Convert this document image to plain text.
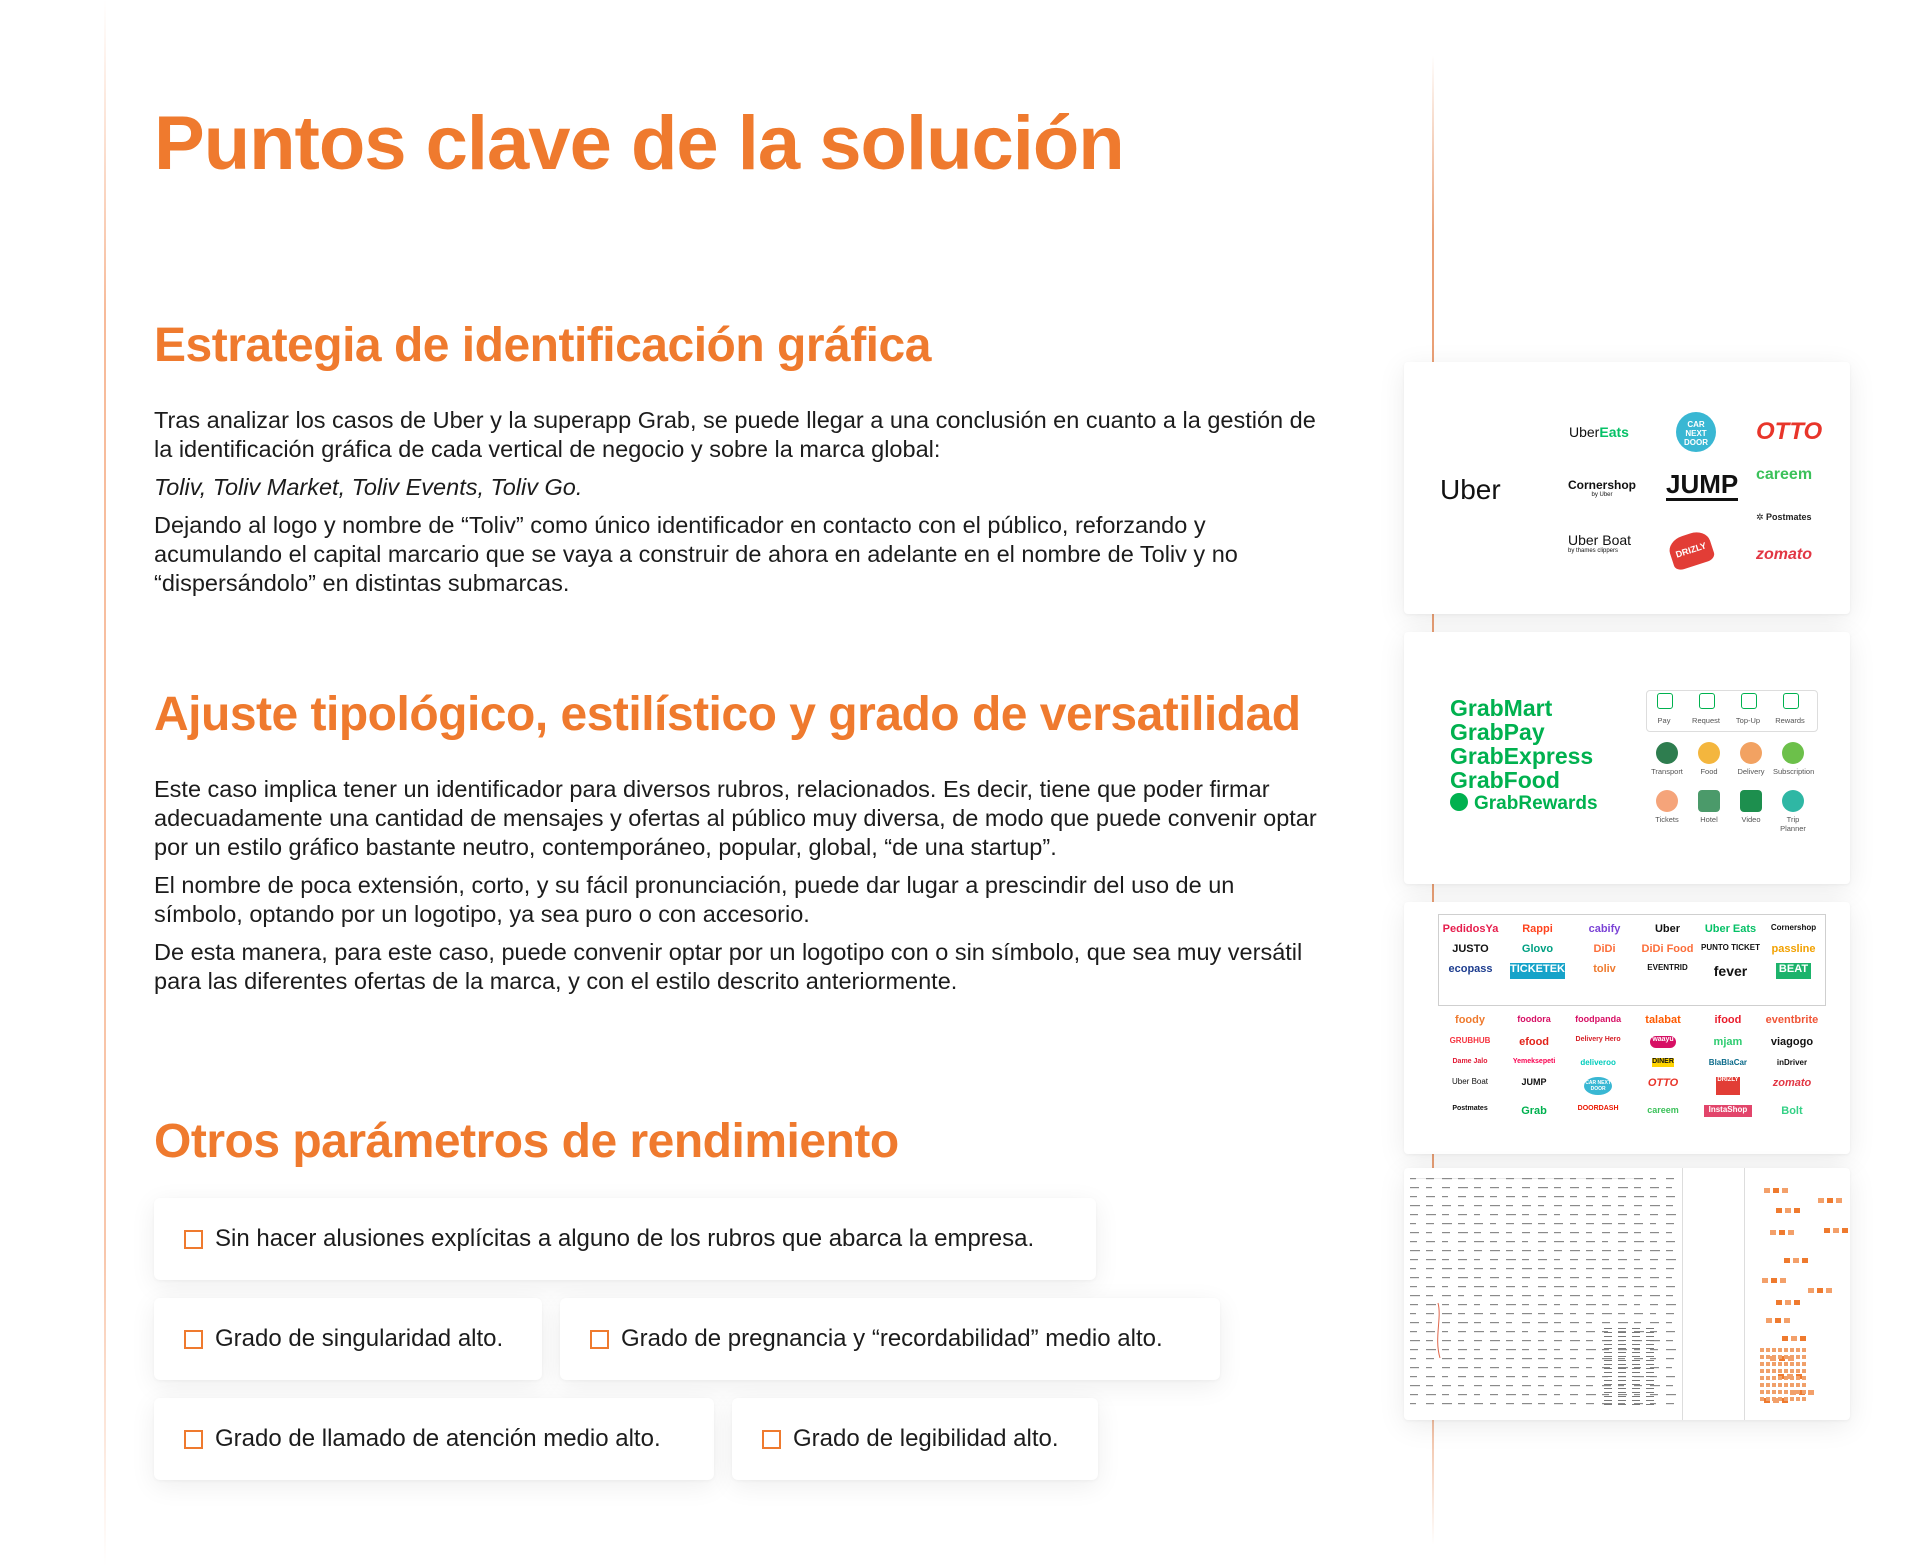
Puntos clave de la solución
Estrategia de identificación gráfica

Tras analizar los casos de Uber y la superapp Grab, se puede llegar a una conclusión en cuanto a la gestión de la identificación gráfica de cada vertical de negocio y sobre la marca global:

Toliv, Toliv Market, Toliv Events, Toliv Go.

Dejando al logo y nombre de “Toliv” como único identificador en contacto con el público, reforzando y acumulando el capital marcario que se vaya a construir de ahora en adelante en el nombre de Toliv y no “dispersándolo” en distintas submarcas.

Ajuste tipológico, estilístico y grado de versatilidad

Este caso implica tener un identificador para diversos rubros, relacionados. Es decir, tiene que poder firmar adecuadamente una cantidad de mensajes y ofertas al público muy diversa, de modo que puede convenir optar por un estilo gráfico bastante neutro, contemporáneo, popular, global, “de una startup”.

El nombre de poca extensión, corto, y su fácil pronunciación, puede dar lugar a prescindir del uso de un símbolo, optando por un logotipo, ya sea puro o con accesorio.

De esta manera, para este caso, puede convenir optar por un logotipo con o sin símbolo, que sea muy versátil para las diferentes ofertas de la marca, y con el estilo descrito anteriormente.

Otros parámetros de rendimiento
Sin hacer alusiones explícitas a alguno de los rubros que abarca la empresa.
Grado de singularidad alto.	Grado de pregnancia y “recordabilidad” medio alto.
Grado de llamado de atención medio alto.	Grado de legibilidad alto.
Uber
UberEats	CAR NEXT DOOR	OTTO
Cornershop
by Uber	JUMP careem
✲ Postmates
Uber Boat
by thames clippers	DRIZLY	zomato
GrabMart
GrabPay
GrabExpress
GrabFood
GrabRewards
Pay	Request	Top-Up	Rewards
Transport	Food	Delivery	Subscription
Tickets	Hotel	Video	Trip Planner
PedidosYa	Rappi	cabify	Uber	Uber Eats	Cornershop
JUSTO	Glovo	DiDi	DiDi Food PUNTO TICKET	passline
ecopass	TICKETEK	toliv	EVENTRID	fever	BEAT
foody	foodora	foodpanda	talabat	ifood	eventbrite
GRUBHUB	efood	Delivery Hero	waayu	mjam	viagogo
Dame Jalo	Yemeksepeti	deliveroo	DINER	BlaBlaCar	inDriver
Uber Boat	JUMP	CAR NEXT DOOR	OTTO	DRIZLY	zomato
Postmates	Grab	DOORDASH	careem	InstaShop	Bolt
